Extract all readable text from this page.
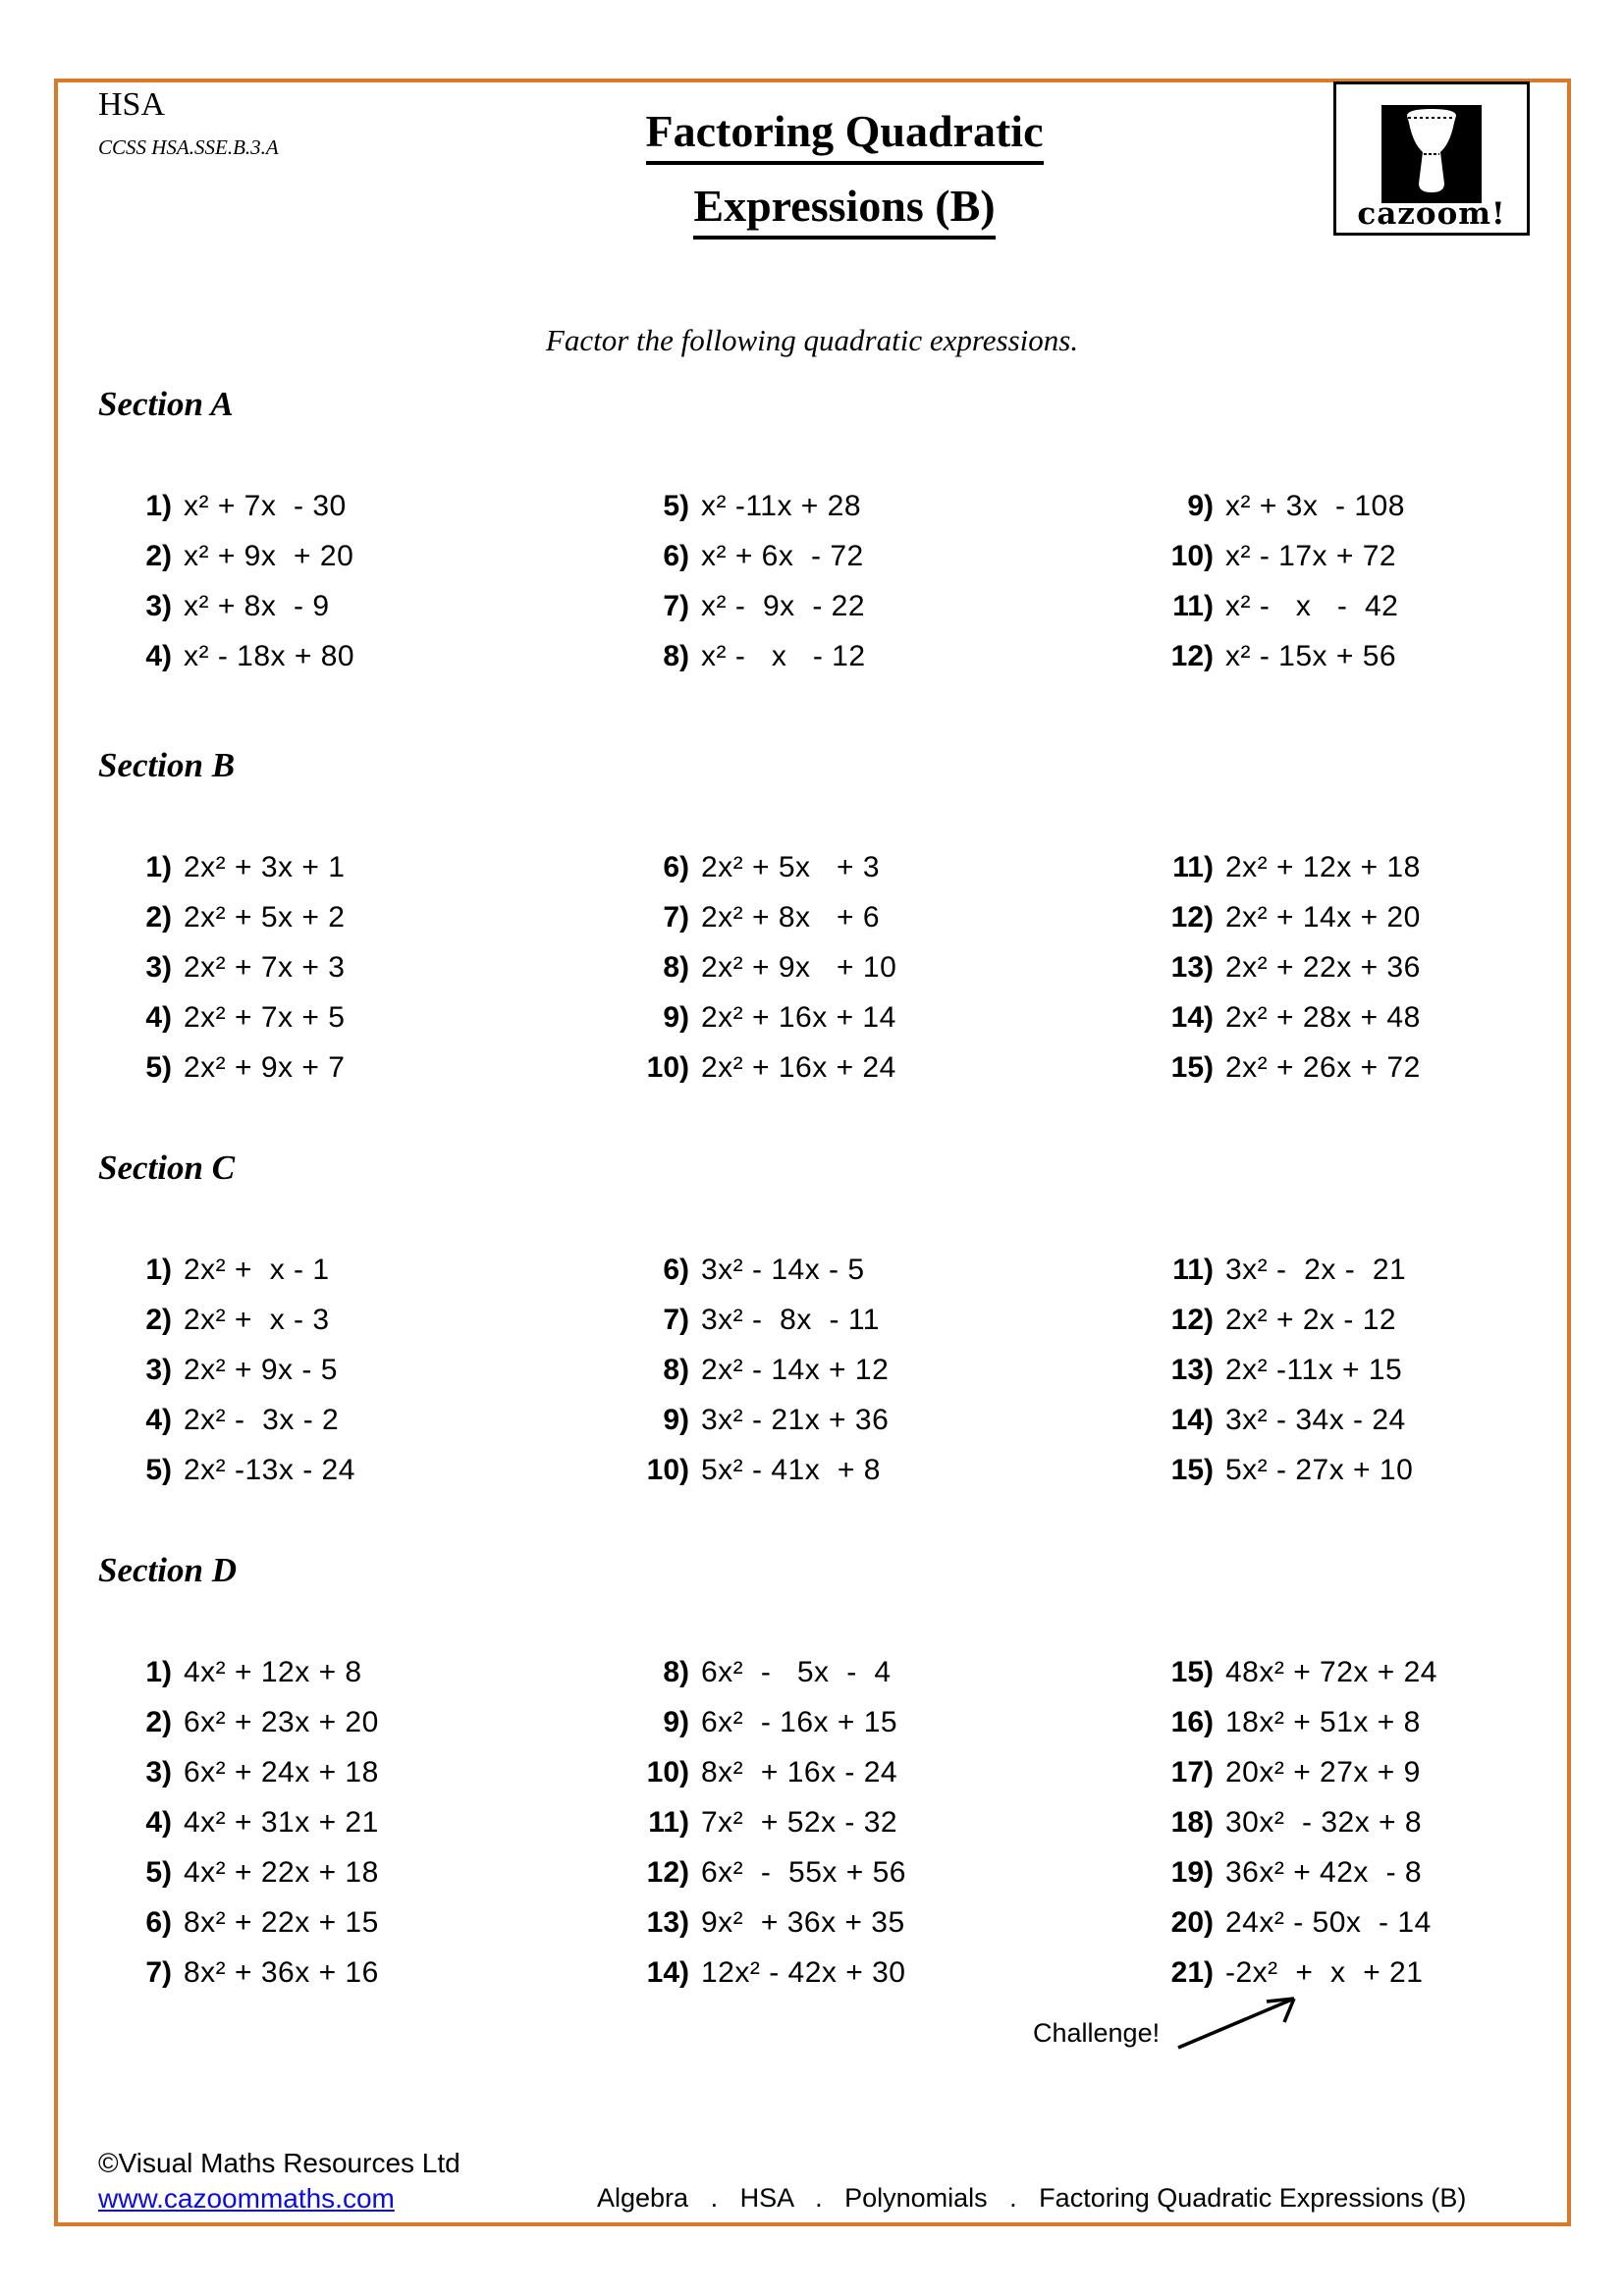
HSA
CCSS HSA.SSE.B.3.A	Factoring Quadratic
Expressions (B)	cazoom!
Factor the following quadratic expressions.
Section A
1) x² + 7x  - 30
2) x² + 9x  + 20
3) x² + 8x  - 9
4) x² - 18x + 80
5) x² -11x + 28
6) x² + 6x  - 72
7) x² -  9x  - 22
8) x² -   x   - 12
9) x² + 3x  - 108
10) x² - 17x + 72
11) x² -   x   -  42
12) x² - 15x + 56
Section B
1) 2x² + 3x + 1
2) 2x² + 5x + 2
3) 2x² + 7x + 3
4) 2x² + 7x + 5
5) 2x² + 9x + 7
6) 2x² + 5x   + 3
7) 2x² + 8x   + 6
8) 2x² + 9x   + 10
9) 2x² + 16x + 14
10) 2x² + 16x + 24
11) 2x² + 12x + 18
12) 2x² + 14x + 20
13) 2x² + 22x + 36
14) 2x² + 28x + 48
15) 2x² + 26x + 72
Section C
1) 2x² +  x - 1
2) 2x² +  x - 3
3) 2x² + 9x - 5
4) 2x² -  3x - 2
5) 2x² -13x - 24
6) 3x² - 14x - 5
7) 3x² -  8x  - 11
8) 2x² - 14x + 12
9) 3x² - 21x + 36
10) 5x² - 41x  + 8
11) 3x² -  2x -  21
12) 2x² + 2x - 12
13) 2x² -11x + 15
14) 3x² - 34x - 24
15) 5x² - 27x + 10
Section D
1) 4x² + 12x + 8
2) 6x² + 23x + 20
3) 6x² + 24x + 18
4) 4x² + 31x + 21
5) 4x² + 22x + 18
6) 8x² + 22x + 15
7) 8x² + 36x + 16
8) 6x²  -   5x  -  4
9) 6x²  - 16x + 15
10) 8x²  + 16x - 24
11) 7x²  + 52x - 32
12) 6x²  -  55x + 56
13) 9x²  + 36x + 35
14) 12x² - 42x + 30
15) 48x² + 72x + 24
16) 18x² + 51x + 8
17) 20x² + 27x + 9
18) 30x²  - 32x + 8
19) 36x² + 42x  - 8
20) 24x² - 50x  - 14
21) -2x²  +  x  + 21
Challenge!
©Visual Maths Resources Ltd
www.cazoommaths.com	Algebra   .   HSA   .   Polynomials   .   Factoring Quadratic Expressions (B)
